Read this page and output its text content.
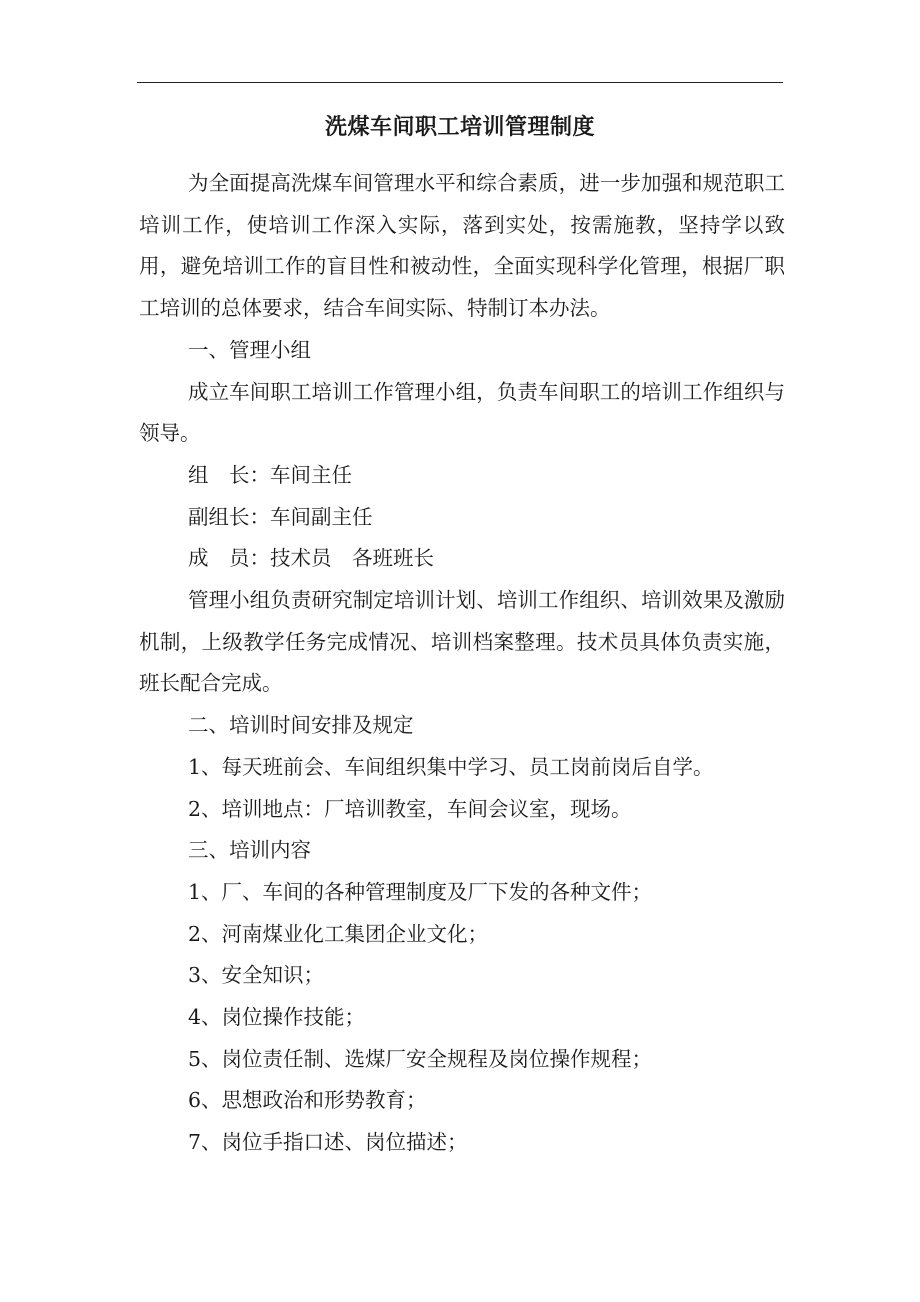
洗煤车间职工培训管理制度

为全面提高洗煤车间管理水平和综合素质，进一步加强和规范职工培训工作，使培训工作深入实际，落到实处，按需施教，坚持学以致用，避免培训工作的盲目性和被动性，全面实现科学化管理，根据厂职工培训的总体要求，结合车间实际、特制订本办法。

一、管理小组

成立车间职工培训工作管理小组，负责车间职工的培训工作组织与领导。

组　长：车间主任

副组长：车间副主任

成　员：技术员　各班班长

管理小组负责研究制定培训计划、培训工作组织、培训效果及激励机制，上级教学任务完成情况、培训档案整理。技术员具体负责实施，班长配合完成。

二、培训时间安排及规定

1、每天班前会、车间组织集中学习、员工岗前岗后自学。

2、培训地点：厂培训教室，车间会议室，现场。

三、培训内容

1、厂、车间的各种管理制度及厂下发的各种文件；

2、河南煤业化工集团企业文化；

3、安全知识；

4、岗位操作技能；

5、岗位责任制、选煤厂安全规程及岗位操作规程；

6、思想政治和形势教育；

7、岗位手指口述、岗位描述；
